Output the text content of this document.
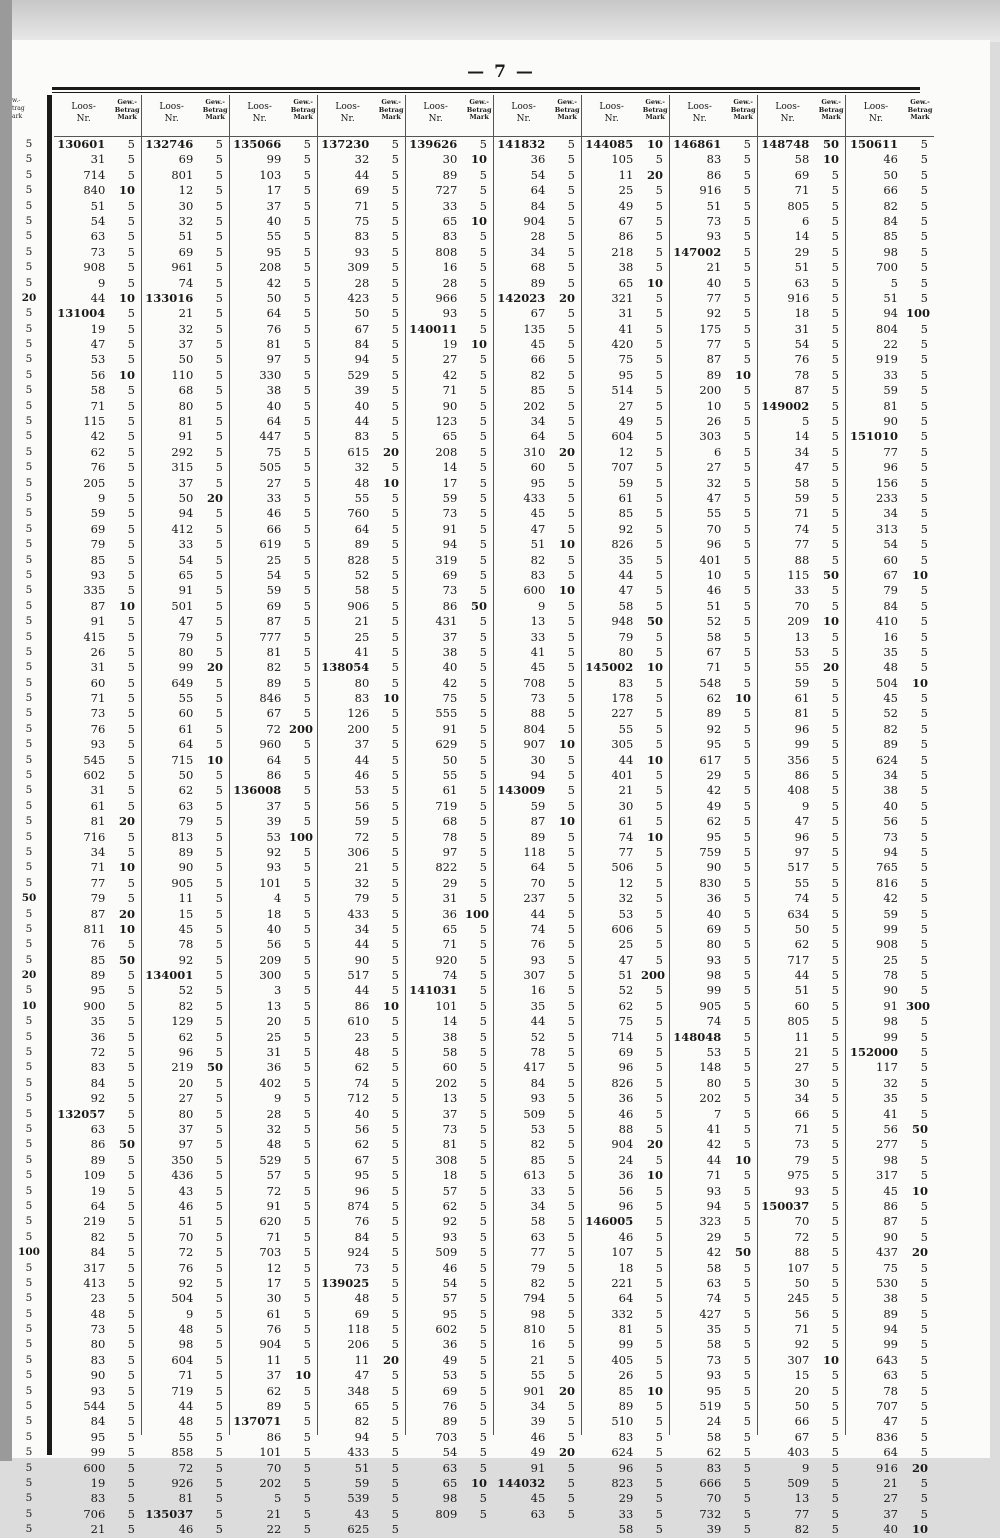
— 7 —
w.-
trag
ark
5
5
5
5
5
5
5
5
5
5
20
5
5
5
5
5
5
5
5
5
5
5
5
5
5
5
5
5
5
5
5
5
5
5
5
5
5
5
5
5
5
5
5
5
5
5
5
5
5
50
5
5
5
5
20
5
10
5
5
5
5
5
5
5
5
5
5
5
5
5
5
5
100
5
5
5
5
5
5
5
5
5
5
5
5
5
5
5
5
5
5
Loos-
Nr.
Gew.-
Betrag
Mark
130601	5
31	5
714	5
840	10
51	5
54	5
63	5
73	5
908	5
9	5
44	10
131004	5
19	5
47	5
53	5
56	10
58	5
71	5
115	5
42	5
62	5
76	5
205	5
9	5
59	5
69	5
79	5
85	5
93	5
335	5
87	10
91	5
415	5
26	5
31	5
60	5
71	5
73	5
76	5
93	5
545	5
602	5
31	5
61	5
81	20
716	5
34	5
71	10
77	5
79	5
87	20
811	10
76	5
85	50
89	5
95	5
900	5
35	5
36	5
72	5
83	5
84	5
92	5
132057	5
63	5
86	50
89	5
109	5
19	5
64	5
219	5
82	5
84	5
317	5
413	5
23	5
48	5
73	5
80	5
83	5
90	5
93	5
544	5
84	5
95	5
99	5
600	5
19	5
83	5
706	5
21	5
Loos-
Nr.
Gew.-
Betrag
Mark
132746	5
69	5
801	5
12	5
30	5
32	5
51	5
69	5
961	5
74	5
133016	5
21	5
32	5
37	5
50	5
110	5
68	5
80	5
81	5
91	5
292	5
315	5
37	5
50	20
94	5
412	5
33	5
54	5
65	5
91	5
501	5
47	5
79	5
80	5
99	20
649	5
55	5
60	5
61	5
64	5
715	10
50	5
62	5
63	5
79	5
813	5
89	5
90	5
905	5
11	5
15	5
45	5
78	5
92	5
134001	5
52	5
82	5
129	5
62	5
96	5
219	50
20	5
27	5
80	5
37	5
97	5
350	5
436	5
43	5
46	5
51	5
70	5
72	5
76	5
92	5
504	5
9	5
48	5
98	5
604	5
71	5
719	5
44	5
48	5
55	5
858	5
72	5
926	5
81	5
135037	5
46	5
Loos-
Nr.
Gew.-
Betrag
Mark
135066	5
99	5
103	5
17	5
37	5
40	5
55	5
95	5
208	5
42	5
50	5
64	5
76	5
81	5
97	5
330	5
38	5
40	5
64	5
447	5
75	5
505	5
27	5
33	5
46	5
66	5
619	5
25	5
54	5
59	5
69	5
87	5
777	5
81	5
82	5
89	5
846	5
67	5
72 200
960	5
64	5
86	5
136008	5
37	5
39	5
53 100
92	5
93	5
101	5
4	5
18	5
40	5
56	5
209	5
300	5
3	5
13	5
20	5
25	5
31	5
36	5
402	5
9	5
28	5
32	5
48	5
529	5
57	5
72	5
91	5
620	5
71	5
703	5
12	5
17	5
30	5
61	5
76	5
904	5
11	5
37	10
62	5
89	5
137071	5
86	5
101	5
70	5
202	5
5	5
21	5
22	5
Loos-
Nr.
Gew.-
Betrag
Mark
137230	5
32	5
44	5
69	5
71	5
75	5
83	5
93	5
309	5
28	5
423	5
50	5
67	5
84	5
94	5
529	5
39	5
40	5
44	5
83	5
615	20
32	5
48	10
55	5
760	5
64	5
89	5
828	5
52	5
58	5
906	5
21	5
25	5
41	5
138054	5
80	5
83	10
126	5
200	5
37	5
44	5
46	5
53	5
56	5
59	5
72	5
306	5
21	5
32	5
79	5
433	5
34	5
44	5
90	5
517	5
44	5
86	10
610	5
23	5
48	5
62	5
74	5
712	5
40	5
56	5
62	5
67	5
95	5
96	5
874	5
76	5
84	5
924	5
73	5
139025	5
48	5
69	5
118	5
206	5
11	20
47	5
348	5
65	5
82	5
94	5
433	5
51	5
59	5
539	5
43	5
625	5
Loos-
Nr.
Gew.-
Betrag
Mark
139626	5
30	10
89	5
727	5
33	5
65	10
83	5
808	5
16	5
28	5
966	5
93	5
140011	5
19	10
27	5
42	5
71	5
90	5
123	5
65	5
208	5
14	5
17	5
59	5
73	5
91	5
94	5
319	5
69	5
73	5
86	50
431	5
37	5
38	5
40	5
42	5
75	5
555	5
91	5
629	5
50	5
55	5
61	5
719	5
68	5
78	5
97	5
822	5
29	5
31	5
36 100
65	5
71	5
920	5
74	5
141031	5
101	5
14	5
38	5
58	5
60	5
202	5
13	5
37	5
73	5
81	5
308	5
18	5
57	5
62	5
92	5
93	5
509	5
46	5
54	5
57	5
95	5
602	5
36	5
49	5
53	5
69	5
76	5
89	5
703	5
54	5
63	5
65	10
98	5
809	5
Loos-
Nr.
Gew.-
Betrag
Mark
141832	5
36	5
54	5
64	5
84	5
904	5
28	5
34	5
68	5
89	5
142023	20
67	5
135	5
45	5
66	5
82	5
85	5
202	5
34	5
64	5
310	20
60	5
95	5
433	5
45	5
47	5
51	10
82	5
83	5
600	10
9	5
13	5
33	5
41	5
45	5
708	5
73	5
88	5
804	5
907	10
30	5
94	5
143009	5
59	5
87	10
89	5
118	5
64	5
70	5
237	5
44	5
74	5
76	5
93	5
307	5
16	5
35	5
44	5
52	5
78	5
417	5
84	5
93	5
509	5
53	5
82	5
85	5
613	5
33	5
34	5
58	5
63	5
77	5
79	5
82	5
794	5
98	5
810	5
16	5
21	5
55	5
901	20
34	5
39	5
46	5
49	20
91	5
144032	5
45	5
63	5
Loos-
Nr.
Gew.-
Betrag
Mark
144085	10
105	5
11	20
25	5
49	5
67	5
86	5
218	5
38	5
65	10
321	5
31	5
41	5
420	5
75	5
95	5
514	5
27	5
49	5
604	5
12	5
707	5
59	5
61	5
85	5
92	5
826	5
35	5
44	5
47	5
58	5
948	50
79	5
80	5
145002	10
83	5
178	5
227	5
55	5
305	5
44	10
401	5
21	5
30	5
61	5
74	10
77	5
506	5
12	5
32	5
53	5
606	5
25	5
47	5
51 200
52	5
62	5
75	5
714	5
69	5
96	5
826	5
36	5
46	5
88	5
904	20
24	5
36	10
56	5
96	5
146005	5
46	5
107	5
18	5
221	5
64	5
332	5
81	5
99	5
405	5
26	5
85	10
89	5
510	5
83	5
624	5
96	5
823	5
29	5
33	5
58	5
Loos-
Nr.
Gew.-
Betrag
Mark
146861	5
83	5
86	5
916	5
51	5
73	5
93	5
147002	5
21	5
40	5
77	5
92	5
175	5
77	5
87	5
89	10
200	5
10	5
26	5
303	5
6	5
27	5
32	5
47	5
55	5
70	5
96	5
401	5
10	5
46	5
51	5
52	5
58	5
67	5
71	5
548	5
62	10
89	5
92	5
95	5
617	5
29	5
42	5
49	5
62	5
95	5
759	5
90	5
830	5
36	5
40	5
69	5
80	5
93	5
98	5
99	5
905	5
74	5
148048	5
53	5
148	5
80	5
202	5
7	5
41	5
42	5
44	10
71	5
93	5
94	5
323	5
29	5
42	50
58	5
63	5
74	5
427	5
35	5
58	5
73	5
93	5
95	5
519	5
24	5
58	5
62	5
83	5
666	5
70	5
732	5
39	5
Loos-
Nr.
Gew.-
Betrag
Mark
148748	50
58	10
69	5
71	5
805	5
6	5
14	5
29	5
51	5
63	5
916	5
18	5
31	5
54	5
76	5
78	5
87	5
149002	5
5	5
14	5
34	5
47	5
58	5
59	5
71	5
74	5
77	5
88	5
115	50
33	5
70	5
209	10
13	5
53	5
55	20
59	5
61	5
81	5
96	5
99	5
356	5
86	5
408	5
9	5
47	5
96	5
97	5
517	5
55	5
74	5
634	5
50	5
62	5
717	5
44	5
51	5
60	5
805	5
11	5
21	5
27	5
30	5
34	5
66	5
71	5
73	5
79	5
975	5
93	5
150037	5
70	5
72	5
88	5
107	5
50	5
245	5
56	5
71	5
92	5
307	10
15	5
20	5
50	5
66	5
67	5
403	5
9	5
509	5
13	5
77	5
82	5
Loos-
Nr.
Gew.-
Betrag
Mark
150611	5
46	5
50	5
66	5
82	5
84	5
85	5
98	5
700	5
5	5
51	5
94 100
804	5
22	5
919	5
33	5
59	5
81	5
90	5
151010	5
77	5
96	5
156	5
233	5
34	5
313	5
54	5
60	5
67	10
79	5
84	5
410	5
16	5
35	5
48	5
504	10
45	5
52	5
82	5
89	5
624	5
34	5
38	5
40	5
56	5
73	5
94	5
765	5
816	5
42	5
59	5
99	5
908	5
25	5
78	5
90	5
91 300
98	5
99	5
152000	5
117	5
32	5
35	5
41	5
56	50
277	5
98	5
317	5
45	10
86	5
87	5
90	5
437	20
75	5
530	5
38	5
89	5
94	5
99	5
643	5
63	5
78	5
707	5
47	5
836	5
64	5
916	20
21	5
27	5
37	5
40	10
